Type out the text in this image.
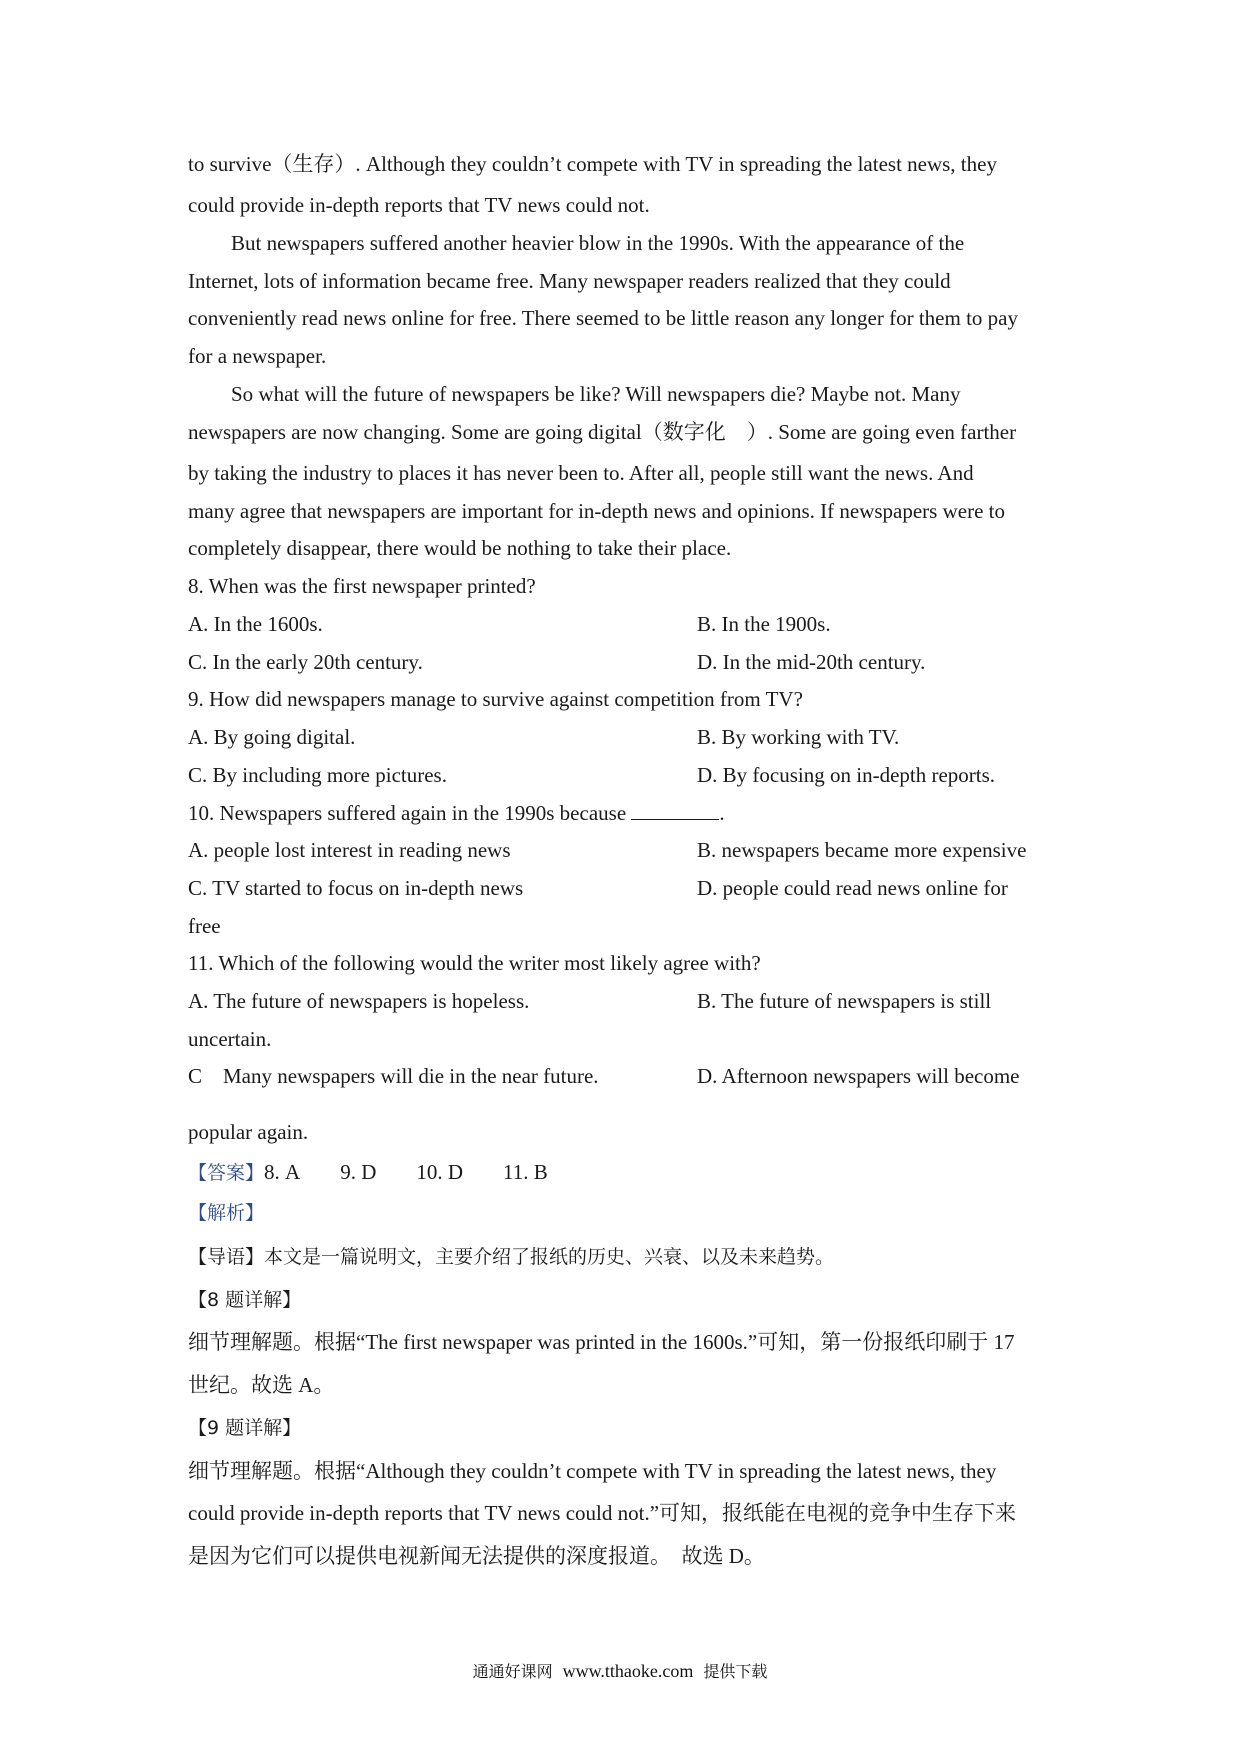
to survive（生存）. Although they couldn’t compete with TV in spreading the latest news, they
could provide in-depth reports that TV news could not.
But newspapers suffered another heavier blow in the 1990s. With the appearance of the
Internet, lots of information became free. Many newspaper readers realized that they could
conveniently read news online for free. There seemed to be little reason any longer for them to pay
for a newspaper.
So what will the future of newspapers be like? Will newspapers die? Maybe not. Many
newspapers are now changing. Some are going digital（数字化　）. Some are going even farther
by taking the industry to places it has never been to. After all, people still want the news. And
many agree that newspapers are important for in-depth news and opinions. If newspapers were to
completely disappear, there would be nothing to take their place.
8. When was the first newspaper printed?
A. In the 1600s.	B. In the 1900s.
C. In the early 20th century.	D. In the mid-20th century.
9. How did newspapers manage to survive against competition from TV?
A. By going digital.	B. By working with TV.
C. By including more pictures.	D. By focusing on in-depth reports.
10. Newspapers suffered again in the 1990s because	.
A. people lost interest in reading news	B. newspapers became more expensive
C. TV started to focus on in-depth news	D. people could read news online for
free
11. Which of the following would the writer most likely agree with?
A. The future of newspapers is hopeless.	B. The future of newspapers is still
uncertain.
C　Many newspapers will die in the near future.	D. Afternoon newspapers will become
popular again.
【答案】8. A 9. D 10. D 11. B
【解析】
【导语】本文是一篇说明文，主要介绍了报纸的历史、兴衰、以及未来趋势。
【8 题详解】
细节理解题。根据“The first newspaper was printed in the 1600s.”可知，第一份报纸印刷于 17
世纪。故选 A。
【9 题详解】
细节理解题。根据“Although they couldn’t compete with TV in spreading the latest news, they
could provide in-depth reports that TV news could not.”可知，报纸能在电视的竞争中生存下来
是因为它们可以提供电视新闻无法提供的深度报道。　故选 D。
通通好课网 www.tthaoke.com 提供下载
